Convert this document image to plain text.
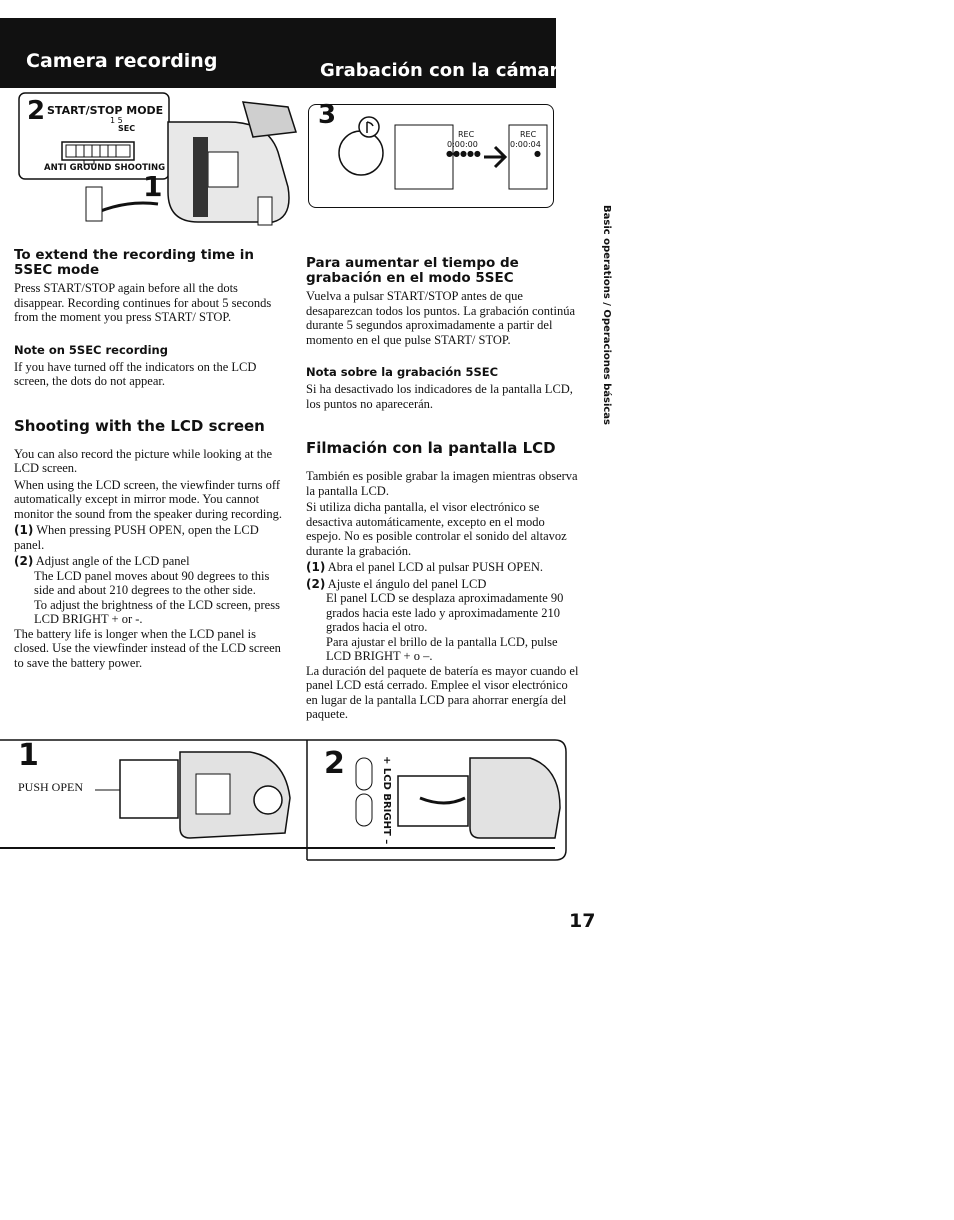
Camera recording	Grabación con la cámara
2 START/STOP MODE
1 5
SEC
ANTI GROUND SHOOTING
1
3
REC
0:00:00
●●●●●
REC
0:00:04
●
Basic operations / Operaciones básicas

To extend the recording time in 5SEC mode

Press START/STOP again before all the dots disappear. Recording continues for about 5 seconds from the moment you press START/ STOP.

Note on 5SEC recording

If you have turned off the indicators on the LCD screen, the dots do not appear.

Shooting with the LCD screen

You can also record the picture while looking at the LCD screen.

When using the LCD screen, the viewfinder turns off automatically except in mirror mode. You cannot monitor the sound from the speaker during recording.

(1) When pressing PUSH OPEN, open the LCD panel.

(2) Adjust angle of the LCD panel

The LCD panel moves about 90 degrees to this side and about 210 degrees to the other side.

To adjust the brightness of the LCD screen, press LCD BRIGHT + or -.

The battery life is longer when the LCD panel is closed. Use the viewfinder instead of the LCD screen to save the battery power.

Para aumentar el tiempo de grabación en el modo 5SEC

Vuelva a pulsar START/STOP antes de que desaparezcan todos los puntos. La grabación continúa durante 5 segundos aproximadamente a partir del momento en el que pulse START/ STOP.

Nota sobre la grabación 5SEC

Si ha desactivado los indicadores de la pantalla LCD, los puntos no aparecerán.

Filmación con la pantalla LCD

También es posible grabar la imagen mientras observa la pantalla LCD.

Si utiliza dicha pantalla, el visor electrónico se desactiva automáticamente, excepto en el modo espejo. No es posible controlar el sonido del altavoz durante la grabación.

(1) Abra el panel LCD al pulsar PUSH OPEN.

(2) Ajuste el ángulo del panel LCD

El panel LCD se desplaza aproximadamente 90 grados hacia este lado y aproximadamente 210 grados hacia el otro.

Para ajustar el brillo de la pantalla LCD, pulse LCD BRIGHT + o –.

La duración del paquete de batería es mayor cuando el panel LCD está cerrado. Emplee el visor electrónico en lugar de la pantalla LCD para ahorrar energía del paquete.

1
PUSH OPEN
2	+ LCD BRIGHT –
17
